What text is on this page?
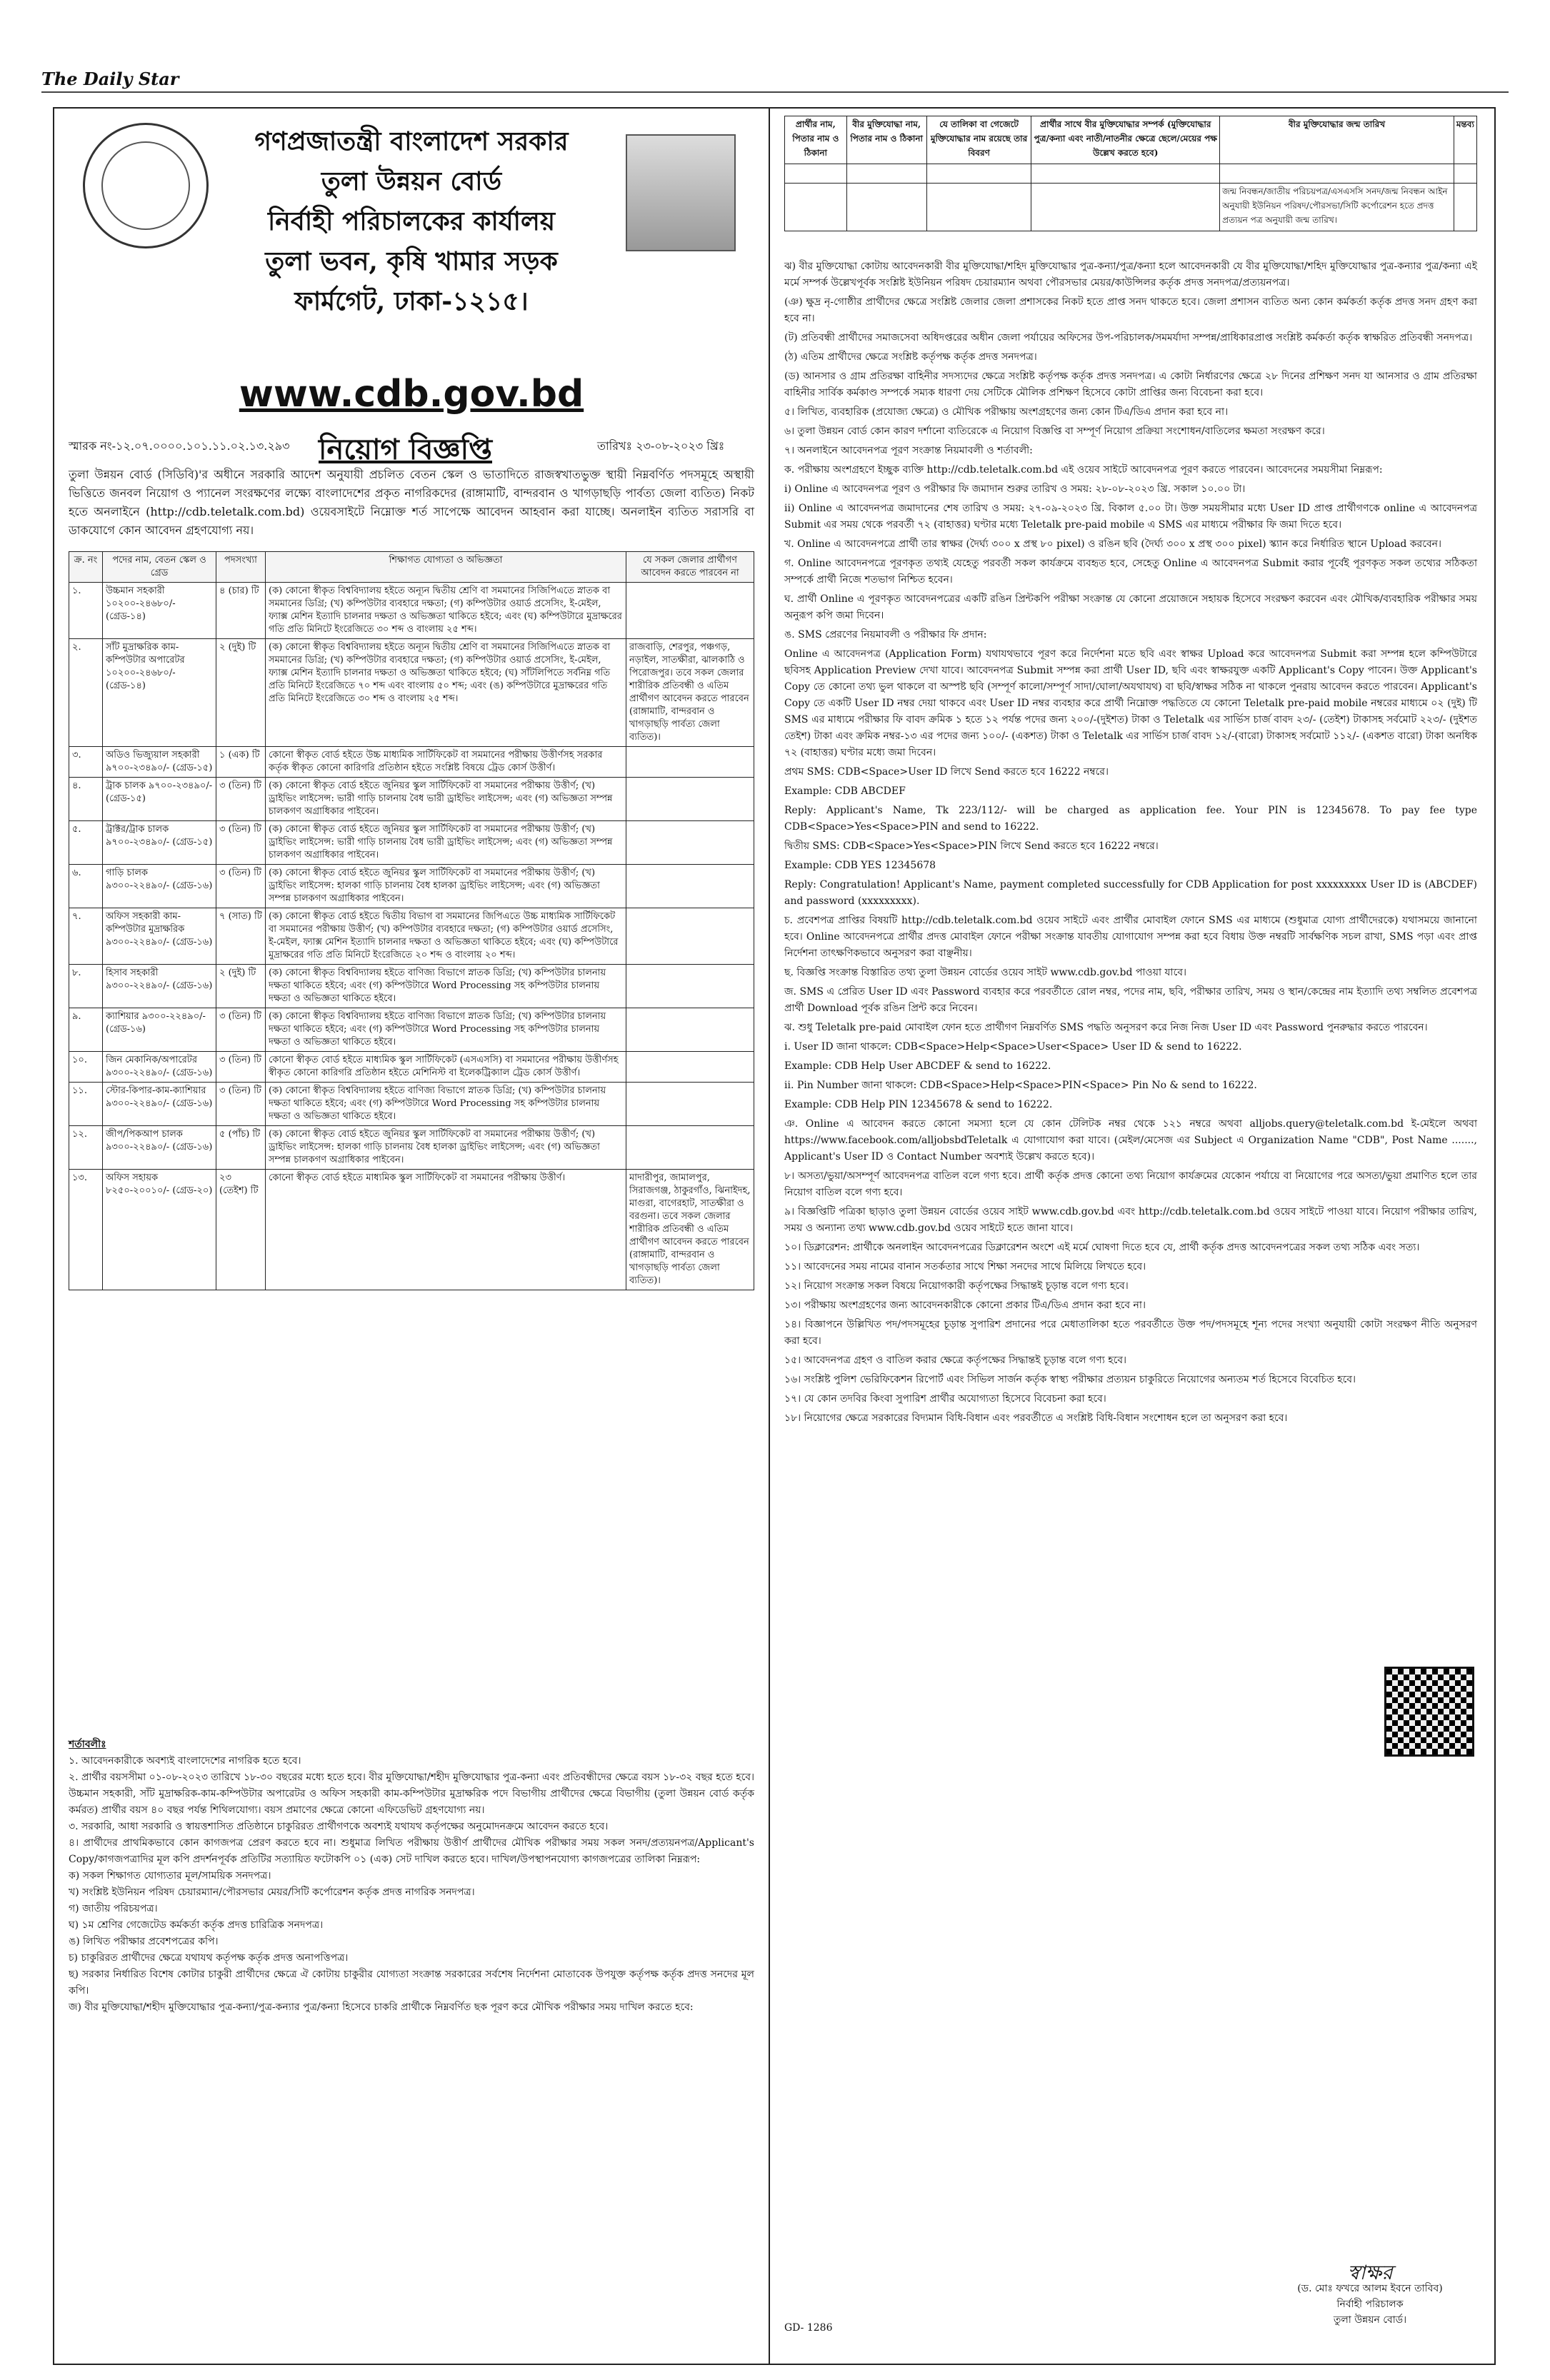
The Daily Star
গণপ্রজাতন্ত্রী বাংলাদেশ সরকার
তুলা উন্নয়ন বোর্ড
নির্বাহী পরিচালকের কার্যালয়
তুলা ভবন, কৃষি খামার সড়ক
ফার্মগেট, ঢাকা-১২১৫।
www.cdb.gov.bd
স্মারক নং-১২.০৭.০০০০.১০১.১১.০২.১৩.২৯৩ নিয়োগ বিজ্ঞপ্তি	তারিখঃ ২৩-০৮-২০২৩ খ্রিঃ
তুলা উন্নয়ন বোর্ড (সিডিবি)'র অধীনে সরকারি আদেশ অনুযায়ী প্রচলিত বেতন স্কেল ও ভাতাদিতে রাজস্বখাতভুক্ত স্থায়ী নিম্নবর্ণিত পদসমূহে অস্থায়ী ভিত্তিতে জনবল নিয়োগ ও প্যানেল সংরক্ষণের লক্ষ্যে বাংলাদেশের প্রকৃত নাগরিকদের (রাঙ্গামাটি, বান্দরবান ও খাগড়াছড়ি পার্বত্য জেলা ব্যতিত) নিকট হতে অনলাইনে (http://cdb.teletalk.com.bd) ওয়েবসাইটে নিম্নোক্ত শর্ত সাপেক্ষে আবেদন আহবান করা যাচ্ছে। অনলাইন ব্যতিত সরাসরি বা ডাকযোগে কোন আবেদন গ্রহণযোগ্য নয়।
ক্র. নং	পদের নাম, বেতন স্কেল ও গ্রেড	পদসংখ্যা	শিক্ষাগত যোগ্যতা ও অভিজ্ঞতা	যে সকল জেলার প্রার্থীগণ আবেদন করতে পারবেন না
১.	উচ্চমান সহকারী ১০২০০-২৪৬৮০/- (গ্রেড-১৪)	৪ (চার) টি	(ক) কোনো স্বীকৃত বিশ্ববিদ্যালয় হইতে অন্যূন দ্বিতীয় শ্রেণি বা সমমানের সিজিপিএতে স্নাতক বা সমমানের ডিগ্রি; (খ) কম্পিউটার ব্যবহারে দক্ষতা; (গ) কম্পিউটার ওয়ার্ড প্রসেসিং, ই-মেইল, ফ্যাক্স মেশিন ইত্যাদি চালনার দক্ষতা ও অভিজ্ঞতা থাকিতে হইবে; এবং (ঘ) কম্পিউটারে মুদ্রাক্ষরের গতি প্রতি মিনিটে ইংরেজিতে ৩০ শব্দ ও বাংলায় ২৫ শব্দ।	
২.	সাঁট মুদ্রাক্ষরিক কাম-কম্পিউটার অপারেটর ১০২০০-২৪৬৮০/- (গ্রেড-১৪)	২ (দুই) টি	(ক) কোনো স্বীকৃত বিশ্ববিদ্যালয় হইতে অন্যূন দ্বিতীয় শ্রেণি বা সমমানের সিজিপিএতে স্নাতক বা সমমানের ডিগ্রি; (খ) কম্পিউটার ব্যবহারে দক্ষতা; (গ) কম্পিউটার ওয়ার্ড প্রসেসিং, ই-মেইল, ফ্যাক্স মেশিন ইত্যাদি চালনার দক্ষতা ও অভিজ্ঞতা থাকিতে হইবে; (ঘ) সাঁটলিপিতে সর্বনিম্ন গতি প্রতি মিনিটে ইংরেজিতে ৭০ শব্দ এবং বাংলায় ৫০ শব্দ; এবং (ঙ) কম্পিউটারে মুদ্রাক্ষরের গতি প্রতি মিনিটে ইংরেজিতে ৩০ শব্দ ও বাংলায় ২৫ শব্দ।	রাজবাড়ি, শেরপুর, পঞ্চগড়, নড়াইল, সাতক্ষীরা, ঝালকাঠি ও পিরোজপুর। তবে সকল জেলার শারীরিক প্রতিবন্ধী ও এতিম প্রার্থীগণ আবেদন করতে পারবেন (রাঙ্গামাটি, বান্দরবান ও খাগড়াছড়ি পার্বত্য জেলা ব্যতিত)।
৩.	অডিও ভিজ্যুয়াল সহকারী ৯৭০০-২৩৪৯০/- (গ্রেড-১৫)	১ (এক) টি	কোনো স্বীকৃত বোর্ড হইতে উচ্চ মাধ্যমিক সার্টিফিকেট বা সমমানের পরীক্ষায় উত্তীর্ণসহ সরকার কর্তৃক স্বীকৃত কোনো কারিগরি প্রতিষ্ঠান হইতে সংশ্লিষ্ট বিষয়ে ট্রেড কোর্স উত্তীর্ণ।	
৪.	ট্রাক চালক ৯৭০০-২৩৪৯০/- (গ্রেড-১৫)	৩ (তিন) টি	(ক) কোনো স্বীকৃত বোর্ড হইতে জুনিয়র স্কুল সার্টিফিকেট বা সমমানের পরীক্ষায় উত্তীর্ণ; (খ) ড্রাইভিং লাইসেন্স: ভারী গাড়ি চালনায় বৈধ ভারী ড্রাইভিং লাইসেন্স; এবং (গ) অভিজ্ঞতা সম্পন্ন চালকগণ অগ্রাধিকার পাইবেন।	
৫.	ট্রাক্টর/ট্রাক চালক ৯৭০০-২৩৪৯০/- (গ্রেড-১৫)	৩ (তিন) টি	(ক) কোনো স্বীকৃত বোর্ড হইতে জুনিয়র স্কুল সার্টিফিকেট বা সমমানের পরীক্ষায় উত্তীর্ণ; (খ) ড্রাইভিং লাইসেন্স: ভারী গাড়ি চালনায় বৈধ ভারী ড্রাইভিং লাইসেন্স; এবং (গ) অভিজ্ঞতা সম্পন্ন চালকগণ অগ্রাধিকার পাইবেন।	
৬.	গাড়ি চালক ৯৩০০-২২৪৯০/- (গ্রেড-১৬)	৩ (তিন) টি	(ক) কোনো স্বীকৃত বোর্ড হইতে জুনিয়র স্কুল সার্টিফিকেট বা সমমানের পরীক্ষায় উত্তীর্ণ; (খ) ড্রাইভিং লাইসেন্স: হালকা গাড়ি চালনায় বৈধ হালকা ড্রাইভিং লাইসেন্স; এবং (গ) অভিজ্ঞতা সম্পন্ন চালকগণ অগ্রাধিকার পাইবেন।	
৭.	অফিস সহকারী কাম-কম্পিউটার মুদ্রাক্ষরিক ৯৩০০-২২৪৯০/- (গ্রেড-১৬)	৭ (সাত) টি	(ক) কোনো স্বীকৃত বোর্ড হইতে দ্বিতীয় বিভাগ বা সমমানের জিপিএতে উচ্চ মাধ্যমিক সার্টিফিকেট বা সমমানের পরীক্ষায় উত্তীর্ণ; (খ) কম্পিউটার ব্যবহারে দক্ষতা; (গ) কম্পিউটার ওয়ার্ড প্রসেসিং, ই-মেইল, ফ্যাক্স মেশিন ইত্যাদি চালনার দক্ষতা ও অভিজ্ঞতা থাকিতে হইবে; এবং (ঘ) কম্পিউটারে মুদ্রাক্ষরের গতি প্রতি মিনিটে ইংরেজিতে ২০ শব্দ ও বাংলায় ২০ শব্দ।	
৮.	হিসাব সহকারী ৯৩০০-২২৪৯০/- (গ্রেড-১৬)	২ (দুই) টি	(ক) কোনো স্বীকৃত বিশ্ববিদ্যালয় হইতে বাণিজ্য বিভাগে স্নাতক ডিগ্রি; (খ) কম্পিউটার চালনায় দক্ষতা থাকিতে হইবে; এবং (গ) কম্পিউটারে Word Processing সহ কম্পিউটার চালনায় দক্ষতা ও অভিজ্ঞতা থাকিতে হইবে।	
৯.	ক্যাশিয়ার ৯৩০০-২২৪৯০/- (গ্রেড-১৬)	৩ (তিন) টি	(ক) কোনো স্বীকৃত বিশ্ববিদ্যালয় হইতে বাণিজ্য বিভাগে স্নাতক ডিগ্রি; (খ) কম্পিউটার চালনায় দক্ষতা থাকিতে হইবে; এবং (গ) কম্পিউটারে Word Processing সহ কম্পিউটার চালনায় দক্ষতা ও অভিজ্ঞতা থাকিতে হইবে।	
১০.	জিন মেকানিক/অপারেটর ৯৩০০-২২৪৯০/- (গ্রেড-১৬)	৩ (তিন) টি	কোনো স্বীকৃত বোর্ড হইতে মাধ্যমিক স্কুল সার্টিফিকেট (এসএসসি) বা সমমানের পরীক্ষায় উত্তীর্ণসহ স্বীকৃত কোনো কারিগরি প্রতিষ্ঠান হইতে মেশিনিস্ট বা ইলেকট্রিক্যাল ট্রেড কোর্স উত্তীর্ণ।	
১১.	স্টোর-কিপার-কাম-ক্যাশিয়ার ৯৩০০-২২৪৯০/- (গ্রেড-১৬)	৩ (তিন) টি	(ক) কোনো স্বীকৃত বিশ্ববিদ্যালয় হইতে বাণিজ্য বিভাগে স্নাতক ডিগ্রি; (খ) কম্পিউটার চালনায় দক্ষতা থাকিতে হইবে; এবং (গ) কম্পিউটারে Word Processing সহ কম্পিউটার চালনায় দক্ষতা ও অভিজ্ঞতা থাকিতে হইবে।	
১২.	জীপ/পিকআপ চালক ৯৩০০-২২৪৯০/- (গ্রেড-১৬)	৫ (পাঁচ) টি	(ক) কোনো স্বীকৃত বোর্ড হইতে জুনিয়র স্কুল সার্টিফিকেট বা সমমানের পরীক্ষায় উত্তীর্ণ; (খ) ড্রাইভিং লাইসেন্স: হালকা গাড়ি চালনায় বৈধ হালকা ড্রাইভিং লাইসেন্স; এবং (গ) অভিজ্ঞতা সম্পন্ন চালকগণ অগ্রাধিকার পাইবেন।	
১৩.	অফিস সহায়ক ৮২৫০-২০০১০/- (গ্রেড-২০)	২৩ (তেইশ) টি	কোনো স্বীকৃত বোর্ড হইতে মাধ্যমিক স্কুল সার্টিফিকেট বা সমমানের পরীক্ষায় উত্তীর্ণ।	মাদারীপুর, জামালপুর, সিরাজগঞ্জ, ঠাকুরগাঁও, ঝিনাইদহ, মাগুরা, বাগেরহাট, সাতক্ষীরা ও বরগুনা। তবে সকল জেলার শারীরিক প্রতিবন্ধী ও এতিম প্রার্থীগণ আবেদন করতে পারবেন (রাঙ্গামাটি, বান্দরবান ও খাগড়াছড়ি পার্বত্য জেলা ব্যতিত)।
শর্তাবলীঃ
১. আবেদনকারীকে অবশ্যই বাংলাদেশের নাগরিক হতে হবে।
২. প্রার্থীর বয়সসীমা ০১-০৮-২০২৩ তারিখে ১৮-৩০ বছরের মধ্যে হতে হবে। বীর মুক্তিযোদ্ধা/শহীদ মুক্তিযোদ্ধার পুত্র-কন্যা এবং প্রতিবন্ধীদের ক্ষেত্রে বয়স ১৮-৩২ বছর হতে হবে। উচ্চমান সহকারী, সাঁট মুদ্রাক্ষরিক-কাম-কম্পিউটার অপারেটর ও অফিস সহকারী কাম-কম্পিউটার মুদ্রাক্ষরিক পদে বিভাগীয় প্রার্থীদের ক্ষেত্রে বিভাগীয় (তুলা উন্নয়ন বোর্ড কর্তৃক কর্মরত) প্রার্থীর বয়স ৪০ বছর পর্যন্ত শিথিলযোগ্য। বয়স প্রমাণের ক্ষেত্রে কোনো এফিডেভিট গ্রহণযোগ্য নয়।
৩. সরকারি, আধা সরকারি ও স্বায়ত্তশাসিত প্রতিষ্ঠানে চাকুরিরত প্রার্থীগণকে অবশ্যই যথাযথ কর্তৃপক্ষের অনুমোদনক্রমে আবেদন করতে হবে।
৪। প্রার্থীদের প্রাথমিকভাবে কোন কাগজপত্র প্রেরণ করতে হবে না। শুধুমাত্র লিখিত পরীক্ষায় উত্তীর্ণ প্রার্থীদের মৌখিক পরীক্ষার সময় সকল সনদ/প্রত্যয়নপত্র/Applicant's Copy/কাগজপত্রাদির মূল কপি প্রদর্শনপূর্বক প্রতিটির সত্যায়িত ফটোকপি ০১ (এক) সেট দাখিল করতে হবে। দাখিল/উপস্থাপনযোগ্য কাগজপত্রের তালিকা নিম্নরূপ:
ক) সকল শিক্ষাগত যোগ্যতার মূল/সাময়িক সনদপত্র।
খ) সংশ্লিষ্ট ইউনিয়ন পরিষদ চেয়ারম্যান/পৌরসভার মেয়র/সিটি কর্পোরেশন কর্তৃক প্রদত্ত নাগরিক সনদপত্র।
গ) জাতীয় পরিচয়পত্র।
ঘ) ১ম শ্রেণির গেজেটেড কর্মকর্তা কর্তৃক প্রদত্ত চারিত্রিক সনদপত্র।
ঙ) লিখিত পরীক্ষার প্রবেশপত্রের কপি।
চ) চাকুরিরত প্রার্থীদের ক্ষেত্রে যথাযথ কর্তৃপক্ষ কর্তৃক প্রদত্ত অনাপত্তিপত্র।
ছ) সরকার নির্ধারিত বিশেষ কোটার চাকুরী প্রার্থীদের ক্ষেত্রে ঐ কোটায় চাকুরীর যোগ্যতা সংক্রান্ত সরকারের সর্বশেষ নির্দেশনা মোতাবেক উপযুক্ত কর্তৃপক্ষ কর্তৃক প্রদত্ত সনদের মূল কপি।
জ) বীর মুক্তিযোদ্ধা/শহীদ মুক্তিযোদ্ধার পুত্র-কন্যা/পুত্র-কন্যার পুত্র/কন্যা হিসেবে চাকরি প্রার্থীকে নিম্নবর্ণিত ছক পূরণ করে মৌখিক পরীক্ষার সময় দাখিল করতে হবে:
প্রার্থীর নাম, পিতার নাম ও ঠিকানা	বীর মুক্তিযোদ্ধা নাম, পিতার নাম ও ঠিকানা	যে তালিকা বা গেজেটে মুক্তিযোদ্ধার নাম রয়েছে তার বিবরণ	প্রার্থীর সাথে বীর মুক্তিযোদ্ধার সম্পর্ক (মুক্তিযোদ্ধার পুত্র/কন্যা এবং নাতী/নাতনীর ক্ষেত্রে ছেলে/মেয়ের পক্ষ উল্লেখ করতে হবে)	বীর মুক্তিযোদ্ধার জন্ম তারিখ	মন্তব্য

				জন্ম নিবন্ধন/জাতীয় পরিচয়পত্র/এসএসসি সনদ/জন্ম নিবন্ধন আইন অনুযায়ী ইউনিয়ন পরিষদ/পৌরসভা/সিটি কর্পোরেশন হতে প্রদত্ত প্রত্যয়ন পত্র অনুযায়ী জন্ম তারিখ।	

ঝ) বীর মুক্তিযোদ্ধা কোটায় আবেদনকারী বীর মুক্তিযোদ্ধা/শহিদ মুক্তিযোদ্ধার পুত্র-কন্যা/পুত্র/কন্যা হলে আবেদনকারী যে বীর মুক্তিযোদ্ধা/শহিদ মুক্তিযোদ্ধার পুত্র-কন্যার পুত্র/কন্যা এই মর্মে সম্পর্ক উল্লেখপূর্বক সংশ্লিষ্ট ইউনিয়ন পরিষদ চেয়ারম্যান অথবা পৌরসভার মেয়র/কাউন্সিলর কর্তৃক প্রদত্ত সনদপত্র/প্রত্যয়নপত্র।

(ঞ) ক্ষুদ্র নৃ-গোষ্ঠীর প্রার্থীদের ক্ষেত্রে সংশ্লিষ্ট জেলার জেলা প্রশাসকের নিকট হতে প্রাপ্ত সনদ থাকতে হবে। জেলা প্রশাসন ব্যতিত অন্য কোন কর্মকর্তা কর্তৃক প্রদত্ত সনদ গ্রহণ করা হবে না।

(ট) প্রতিবন্ধী প্রার্থীদের সমাজসেবা অধিদপ্তরের অধীন জেলা পর্যায়ের অফিসের উপ-পরিচালক/সমমর্যাদা সম্পন্ন/প্রাধিকারপ্রাপ্ত সংশ্লিষ্ট কর্মকর্তা কর্তৃক স্বাক্ষরিত প্রতিবন্ধী সনদপত্র।

(ঠ) এতিম প্রার্থীদের ক্ষেত্রে সংশ্লিষ্ট কর্তৃপক্ষ কর্তৃক প্রদত্ত সনদপত্র।

(ড) আনসার ও গ্রাম প্রতিরক্ষা বাহিনীর সদস্যদের ক্ষেত্রে সংশ্লিষ্ট কর্তৃপক্ষ কর্তৃক প্রদত্ত সনদপত্র। এ কোটা নির্ধারণের ক্ষেত্রে ২৮ দিনের প্রশিক্ষণ সনদ যা আনসার ও গ্রাম প্রতিরক্ষা বাহিনীর সার্বিক কর্মকাণ্ড সম্পর্কে সম্যক ধারণা দেয় সেটিকে মৌলিক প্রশিক্ষণ হিসেবে কোটা প্রাপ্তির জন্য বিবেচনা করা হবে।

৫। লিখিত, ব্যবহারিক (প্রযোজ্য ক্ষেত্রে) ও মৌখিক পরীক্ষায় অংশগ্রহণের জন্য কোন টিএ/ডিএ প্রদান করা হবে না।

৬। তুলা উন্নয়ন বোর্ড কোন কারণ দর্শানো ব্যতিরেকে এ নিয়োগ বিজ্ঞপ্তি বা সম্পূর্ণ নিয়োগ প্রক্রিয়া সংশোধন/বাতিলের ক্ষমতা সংরক্ষণ করে।

৭। অনলাইনে আবেদনপত্র পূরণ সংক্রান্ত নিয়মাবলী ও শর্তাবলী:

ক. পরীক্ষায় অংশগ্রহণে ইচ্ছুক ব্যক্তি http://cdb.teletalk.com.bd এই ওয়েব সাইটে আবেদনপত্র পূরণ করতে পারবেন। আবেদনের সময়সীমা নিম্নরূপ:

i) Online এ আবেদনপত্র পূরণ ও পরীক্ষার ফি জমাদান শুরুর তারিখ ও সময়: ২৮-০৮-২০২৩ খ্রি. সকাল ১০.০০ টা।

ii) Online এ আবেদনপত্র জমাদানের শেষ তারিখ ও সময়: ২৭-০৯-২০২৩ খ্রি. বিকাল ৫.০০ টা। উক্ত সময়সীমার মধ্যে User ID প্রাপ্ত প্রার্থীগণকে online এ আবেদনপত্র Submit এর সময় থেকে পরবর্তী ৭২ (বাহাত্তর) ঘণ্টার মধ্যে Teletalk pre-paid mobile এ SMS এর মাধ্যমে পরীক্ষার ফি জমা দিতে হবে।

খ. Online এ আবেদনপত্রে প্রার্থী তার স্বাক্ষর (দৈর্ঘ্য ৩০০ x প্রস্থ ৮০ pixel) ও রঙিন ছবি (দৈর্ঘ্য ৩০০ x প্রস্থ ৩০০ pixel) স্ক্যান করে নির্ধারিত স্থানে Upload করবেন।

গ. Online আবেদনপত্রে পূরণকৃত তথ্যই যেহেতু পরবর্তী সকল কার্যক্রমে ব্যবহৃত হবে, সেহেতু Online এ আবেদনপত্র Submit করার পূর্বেই পূরণকৃত সকল তথ্যের সঠিকতা সম্পর্কে প্রার্থী নিজে শতভাগ নিশ্চিত হবেন।

ঘ. প্রার্থী Online এ পূরণকৃত আবেদনপত্রের একটি রঙিন প্রিন্টকপি পরীক্ষা সংক্রান্ত যে কোনো প্রয়োজনে সহায়ক হিসেবে সংরক্ষণ করবেন এবং মৌখিক/ব্যবহারিক পরীক্ষার সময় অনুরূপ কপি জমা দিবেন।

ঙ. SMS প্রেরণের নিয়মাবলী ও পরীক্ষার ফি প্রদান:

Online এ আবেদনপত্র (Application Form) যথাযথভাবে পূরণ করে নির্দেশনা মতে ছবি এবং স্বাক্ষর Upload করে আবেদনপত্র Submit করা সম্পন্ন হলে কম্পিউটারে ছবিসহ Application Preview দেখা যাবে। আবেদনপত্র Submit সম্পন্ন করা প্রার্থী User ID, ছবি এবং স্বাক্ষরযুক্ত একটি Applicant's Copy পাবেন। উক্ত Applicant's Copy তে কোনো তথ্য ভুল থাকলে বা অস্পষ্ট ছবি (সম্পূর্ণ কালো/সম্পূর্ণ সাদা/ঘোলা/অযথাযথ) বা ছবি/স্বাক্ষর সঠিক না থাকলে পুনরায় আবেদন করতে পারবেন। Applicant's Copy তে একটি User ID নম্বর দেয়া থাকবে এবং User ID নম্বর ব্যবহার করে প্রার্থী নিম্নোক্ত পদ্ধতিতে যে কোনো Teletalk pre-paid mobile নম্বরের মাধ্যমে ০২ (দুই) টি SMS এর মাধ্যমে পরীক্ষার ফি বাবদ ক্রমিক ১ হতে ১২ পর্যন্ত পদের জন্য ২০০/-(দুইশত) টাকা ও Teletalk এর সার্ভিস চার্জ বাবদ ২৩/- (তেইশ) টাকাসহ সর্বমোট ২২৩/- (দুইশত তেইশ) টাকা এবং ক্রমিক নম্বর-১৩ এর পদের জন্য ১০০/- (একশত) টাকা ও Teletalk এর সার্ভিস চার্জ বাবদ ১২/-(বারো) টাকাসহ সর্বমোট ১১২/- (একশত বারো) টাকা অনধিক ৭২ (বাহাত্তর) ঘণ্টার মধ্যে জমা দিবেন।

প্রথম SMS: CDB<Space>User ID লিখে Send করতে হবে 16222 নম্বরে।

Example: CDB ABCDEF

Reply: Applicant's Name, Tk 223/112/- will be charged as application fee. Your PIN is 12345678. To pay fee type CDB<Space>Yes<Space>PIN and send to 16222.

দ্বিতীয় SMS: CDB<Space>Yes<Space>PIN লিখে Send করতে হবে 16222 নম্বরে।

Example: CDB YES 12345678

Reply: Congratulation! Applicant's Name, payment completed successfully for CDB Application for post xxxxxxxxx User ID is (ABCDEF) and password (xxxxxxxxx).

চ. প্রবেশপত্র প্রাপ্তির বিষয়টি http://cdb.teletalk.com.bd ওয়েব সাইটে এবং প্রার্থীর মোবাইল ফোনে SMS এর মাধ্যমে (শুধুমাত্র যোগ্য প্রার্থীদেরকে) যথাসময়ে জানানো হবে। Online আবেদনপত্রে প্রার্থীর প্রদত্ত মোবাইল ফোনে পরীক্ষা সংক্রান্ত যাবতীয় যোগাযোগ সম্পন্ন করা হবে বিধায় উক্ত নম্বরটি সার্বক্ষণিক সচল রাখা, SMS পড়া এবং প্রাপ্ত নির্দেশনা তাৎক্ষণিকভাবে অনুসরণ করা বাঞ্ছনীয়।

ছ. বিজ্ঞপ্তি সংক্রান্ত বিস্তারিত তথ্য তুলা উন্নয়ন বোর্ডের ওয়েব সাইট www.cdb.gov.bd পাওয়া যাবে।

জ. SMS এ প্রেরিত User ID এবং Password ব্যবহার করে পরবর্তীতে রোল নম্বর, পদের নাম, ছবি, পরীক্ষার তারিখ, সময় ও স্থান/কেন্দ্রের নাম ইত্যাদি তথ্য সম্বলিত প্রবেশপত্র প্রার্থী Download পূর্বক রঙিন প্রিন্ট করে নিবেন।

ঝ. শুধু Teletalk pre-paid মোবাইল ফোন হতে প্রার্থীগণ নিম্নবর্ণিত SMS পদ্ধতি অনুসরণ করে নিজ নিজ User ID এবং Password পুনরুদ্ধার করতে পারবেন।

i. User ID জানা থাকলে: CDB<Space>Help<Space>User<Space> User ID & send to 16222.

Example: CDB Help User ABCDEF & send to 16222.

ii. Pin Number জানা থাকলে: CDB<Space>Help<Space>PIN<Space> Pin No & send to 16222.

Example: CDB Help PIN 12345678 & send to 16222.

ঞ. Online এ আবেদন করতে কোনো সমস্যা হলে যে কোন টেলিটক নম্বর থেকে ১২১ নম্বরে অথবা alljobs.query@teletalk.com.bd ই-মেইলে অথবা https://www.facebook.com/alljobsbdTeletalk এ যোগাযোগ করা যাবে। (মেইল/মেসেজ এর Subject এ Organization Name "CDB", Post Name ......., Applicant's User ID ও Contact Number অবশ্যই উল্লেখ করতে হবে)।

৮। অসত্য/ভুয়া/অসম্পূর্ণ আবেদনপত্র বাতিল বলে গণ্য হবে। প্রার্থী কর্তৃক প্রদত্ত কোনো তথ্য নিয়োগ কার্যক্রমের যেকোন পর্যায়ে বা নিয়োগের পরে অসত্য/ভুয়া প্রমাণিত হলে তার নিয়োগ বাতিল বলে গণ্য হবে।

৯। বিজ্ঞপ্তিটি পত্রিকা ছাড়াও তুলা উন্নয়ন বোর্ডের ওয়েব সাইট www.cdb.gov.bd এবং http://cdb.teletalk.com.bd ওয়েব সাইটে পাওয়া যাবে। নিয়োগ পরীক্ষার তারিখ, সময় ও অন্যান্য তথ্য www.cdb.gov.bd ওয়েব সাইটে হতে জানা যাবে।

১০। ডিক্লারেশন: প্রার্থীকে অনলাইন আবেদনপত্রের ডিক্লারেশন অংশে এই মর্মে ঘোষণা দিতে হবে যে, প্রার্থী কর্তৃক প্রদত্ত আবেদনপত্রের সকল তথ্য সঠিক এবং সত্য।

১১। আবেদনের সময় নামের বানান সতর্কতার সাথে শিক্ষা সনদের সাথে মিলিয়ে লিখতে হবে।

১২। নিয়োগ সংক্রান্ত সকল বিষয়ে নিয়োগকারী কর্তৃপক্ষের সিদ্ধান্তই চূড়ান্ত বলে গণ্য হবে।

১৩। পরীক্ষায় অংশগ্রহণের জন্য আবেদনকারীকে কোনো প্রকার টিএ/ডিএ প্রদান করা হবে না।

১৪। বিজ্ঞাপনে উল্লিখিত পদ/পদসমূহের চূড়ান্ত সুপারিশ প্রদানের পরে মেধাতালিকা হতে পরবর্তীতে উক্ত পদ/পদসমূহে শূন্য পদের সংখ্যা অনুযায়ী কোটা সংরক্ষণ নীতি অনুসরণ করা হবে।

১৫। আবেদনপত্র গ্রহণ ও বাতিল করার ক্ষেত্রে কর্তৃপক্ষের সিদ্ধান্তই চূড়ান্ত বলে গণ্য হবে।

১৬। সংশ্লিষ্ট পুলিশ ভেরিফিকেশন রিপোর্ট এবং সিভিল সার্জন কর্তৃক স্বাস্থ্য পরীক্ষার প্রত্যয়ন চাকুরিতে নিয়োগের অন্যতম শর্ত হিসেবে বিবেচিত হবে।

১৭। যে কোন তদবির কিংবা সুপারিশ প্রার্থীর অযোগ্যতা হিসেবে বিবেচনা করা হবে।

১৮। নিয়োগের ক্ষেত্রে সরকারের বিদ্যমান বিধি-বিধান এবং পরবর্তীতে এ সংশ্লিষ্ট বিধি-বিধান সংশোধন হলে তা অনুসরণ করা হবে।

স্বাক্ষর
(ড. মোঃ ফখরে আলম ইবনে তাবিব)
নির্বাহী পরিচালক
তুলা উন্নয়ন বোর্ড।
GD- 1286
